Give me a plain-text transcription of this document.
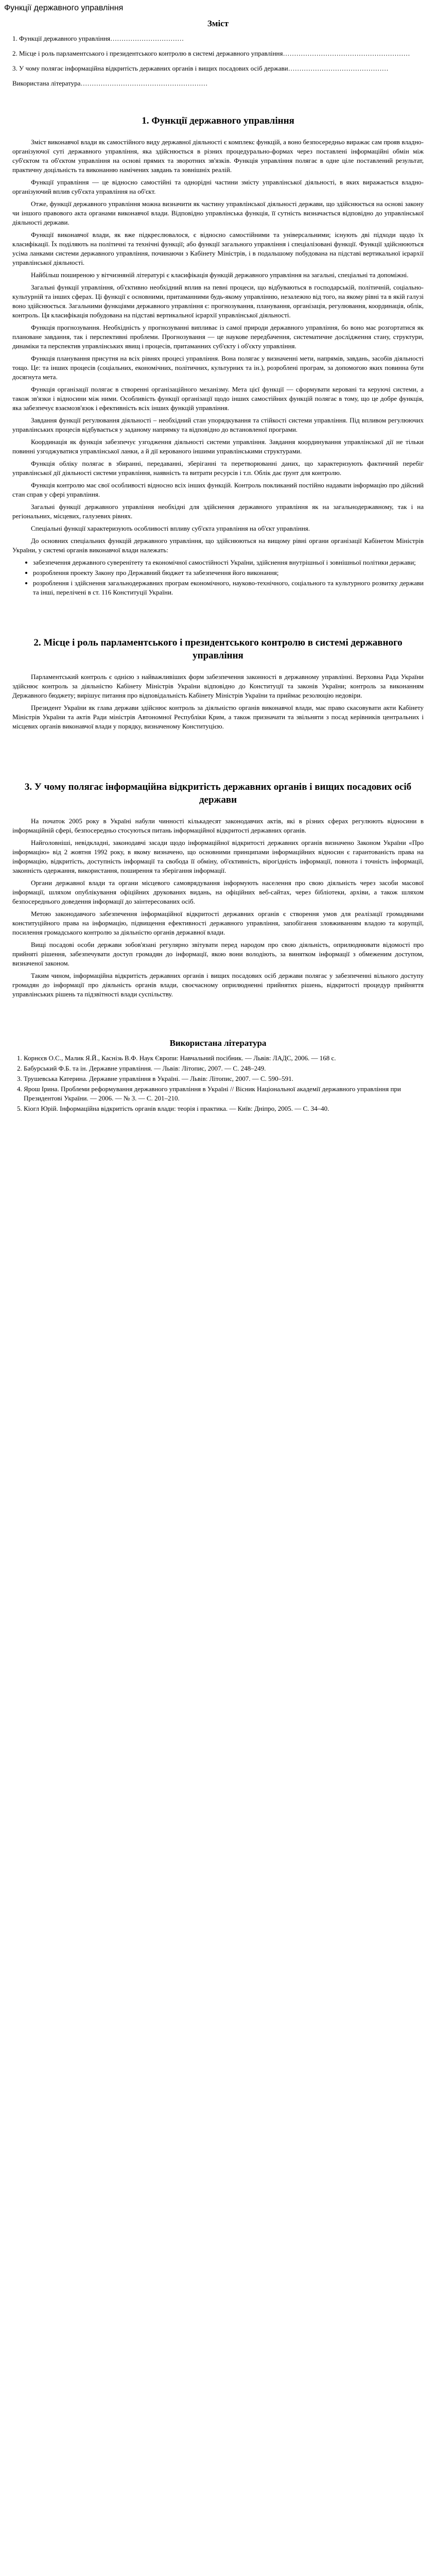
Функції державного управління
Зміст

1. Функції державного управління……………………………

2. Місце і роль парламентського і президентського контролю в системі державного управління…………………………………………………

3. У чому полягає інформаційна відкритість державних органів і вищих посадових осіб держави………………………………………

Використана література…………………………………………………

1. Функції державного управління

Зміст виконавчої влади як самостійного виду державної діяльності є комплекс функцій, а воно безпосередньо виражає сам прояв владно-організуючої суті державного управління, яка здійснюється в різних процедурально-формах через поставлені інформаційні обмін між суб'єктом та об'єктом управління на основі прямих та зворотних зв'язків. Функція управління полягає в одне ціле поставлений результат, практичну доцільність та виконанню намічених завдань та зовнішніх реалій.

Функції управління — це відносно самостійні та однорідні частини змісту управлінської діяльності, в яких виражається владно-організуючий вплив суб'єкта управління на об'єкт.

Отже, функції державного управління можна визначити як частину управлінської діяльності держави, що здійснюється на основі закону чи іншого правового акта органами виконавчої влади. Відповідно управлінська функція, її сутність визначається відповідно до управлінської діяльності держави.

Функції виконавчої влади, як вже підкреслювалося, є відносно самостійними та універсальними; існують дві підходи щодо їх класифікації. Їх поділяють на політичні та технічні функції; або функції загального управління і спеціалізовані функції. Функції здійснюються усіма ланками системи державного управління, починаючи з Кабінету Міністрів, і в подальшому побудована на підставі вертикальної ієрархії управлінської діяльності.

Найбільш поширеною у вітчизняній літературі є класифікація функцій державного управління на загальні, спеціальні та допоміжні.

Загальні функції управління, об'єктивно необхідний вплив на певні процеси, що відбуваються в господарській, політичній, соціально-культурній та інших сферах. Ці функції є основними, притаманними будь-якому управлінню, незалежно від того, на якому рівні та в якій галузі воно здійснюється. Загальними функціями державного управління є: прогнозування, планування, організація, регулювання, координація, облік, контроль. Ця класифікація побудована на підставі вертикальної ієрархії управлінської діяльності.

Функція прогнозування. Необхідність у прогнозуванні випливає із самої природи державного управління, бо воно має розгортатися як плановане завдання, так і перспективні проблеми. Прогнозування — це наукове передбачення, систематичне дослідження стану, структури, динаміки та перспектив управлінських явищ і процесів, притаманних суб'єкту і об'єкту управління.

Функція планування присутня на всіх рівнях процесі управління. Вона полягає у визначенні мети, напрямів, завдань, засобів діяльності тощо. Це: та інших процесів (соціальних, економічних, політичних, культурних та ін.), розроблені програм, за допомогою яких повинна бути досягнута мета.

Функція організації полягає в створенні організаційного механізму. Мета цієї функції — сформувати керовані та керуючі системи, а також зв'язки і відносини між ними. Особливість функції організації щодо інших самостійних функцій полягає в тому, що це добре функція, яка забезпечує взаємозв'язок і ефективність всіх інших функцій управління.

Завдання функції регулювання діяльності – необхідний стан упорядкування та стійкості системи управління. Під впливом регулюючих управлінських процесів відбувається у заданому напрямку та відповідно до встановленої програми.

Координація як функція забезпечує узгодження діяльності системи управління. Завдання координування управлінської дії не тільки повинні узгоджуватися управлінської ланки, а й дії керованого іншими управлінськими структурами.

Функція обліку полягає в збиранні, передаванні, зберіганні та перетворюванні даних, що характеризують фактичний перебіг управлінської дії діяльності системи управління, наявність та витрати ресурсів і т.п. Облік дає ґрунт для контролю.

Функція контролю має свої особливості відносно всіх інших функцій. Контроль покликаний постійно надавати інформацію про дійсний стан справ у сфері управління.

Загальні функції державного управління необхідні для здійснення державного управління як на загальнодержавному, так і на регіональних, місцевих, галузевих рівнях.

Спеціальні функції характеризують особливості впливу суб'єкта управління на об'єкт управління.

До основних спеціальних функцій державного управління, що здійснюються на вищому рівні органи організації Кабінетом Міністрів України, у системі органів виконавчої влади належать:

• забезпечення державного суверенітету та економічної самостійності України, здійснення внутрішньої і зовнішньої політики держави;
• розроблення проекту Закону про Державний бюджет та забезпечення його виконання;
• розроблення і здійснення загальнодержавних програм економічного, науково-технічного, соціального та культурного розвитку держави та інші, перелічені в ст. 116 Конституції України.
2. Місце і роль парламентського і президентського контролю в системі державного управління

Парламентський контроль є однією з найважливіших форм забезпечення законності в державному управлінні. Верховна Рада України здійснює контроль за діяльністю Кабінету Міністрів України відповідно до Конституції та законів України; контроль за виконанням Державного бюджету; вирішує питання про відповідальність Кабінету Міністрів України та приймає резолюцію недовіри.

Президент України як глава держави здійснює контроль за діяльністю органів виконавчої влади, має право скасовувати акти Кабінету Міністрів України та актів Ради міністрів Автономної Республіки Крим, а також призначати та звільняти з посад керівників центральних і місцевих органів виконавчої влади у порядку, визначеному Конституцією.

3. У чому полягає інформаційна відкритість державних органів і вищих посадових осіб держави

На початок 2005 року в Україні набули чинності кількадесят законодавчих актів, які в різних сферах регулюють відносини в інформаційній сфері, безпосередньо стосуються питань інформаційної відкритості державних органів.

Найголовніші, невідкладні, законодавчі засади щодо інформаційної відкритості державних органів визначено Законом України «Про інформацію» від 2 жовтня 1992 року, в якому визначено, що основними принципами інформаційних відносин є гарантованість права на інформацію, відкритість, доступність інформації та свобода її обміну, об'єктивність, вірогідність інформації, повнота і точність інформації, законність одержання, використання, поширення та зберігання інформації.

Органи державної влади та органи місцевого самоврядування інформують населення про свою діяльність через засоби масової інформації, шляхом опублікування офіційних друкованих видань, на офіційних веб-сайтах, через бібліотеки, архіви, а також шляхом безпосереднього доведення інформації до заінтересованих осіб.

Метою законодавчого забезпечення інформаційної відкритості державних органів є створення умов для реалізації громадянами конституційного права на інформацію, підвищення ефективності державного управління, запобігання зловживанням владою та корупції, посилення громадського контролю за діяльністю органів державної влади.

Вищі посадові особи держави зобов'язані регулярно звітувати перед народом про свою діяльність, оприлюднювати відомості про прийняті рішення, забезпечувати доступ громадян до інформації, якою вони володіють, за винятком інформації з обмеженим доступом, визначеної законом.

Таким чином, інформаційна відкритість державних органів і вищих посадових осіб держави полягає у забезпеченні вільного доступу громадян до інформації про діяльність органів влади, своєчасному оприлюдненні прийнятих рішень, відкритості процедур прийняття управлінських рішень та підзвітності влади суспільству.

Використана література
1. Корнєєв О.С., Малик Я.Й., Каснізь В.Ф. Наук Європи: Навчальний посібник. — Львів: ЛАДС, 2006. — 168 с.
2. Бабурський Ф.Б. та ін. Державне управління. — Львів: Літопис, 2007. — С. 248–249.
3. Трушевська Катерина. Державне управління в Україні. — Львів: Літопис, 2007. — С. 590–591.
4. Ярош Ірина. Проблеми реформування державного управління в Україні // Вісник Національної академії державного управління при Президентові України. — 2006. — № 3. — С. 201–210.
5. Кіогл Юрій. Інформаційна відкритість органів влади: теорія і практика. — Київ: Дніпро, 2005. — С. 34–40.
